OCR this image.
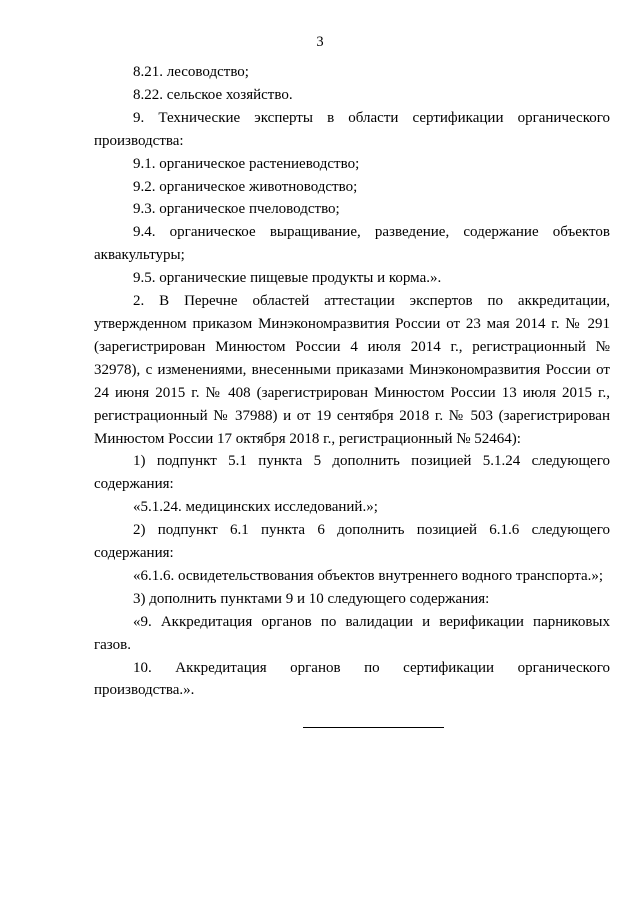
3

8.21. лесоводство;

8.22. сельское хозяйство.

9. Технические эксперты в области сертификации органического производства:

9.1. органическое растениеводство;

9.2. органическое животноводство;

9.3. органическое пчеловодство;

9.4. органическое выращивание, разведение, содержание объектов аквакультуры;

9.5. органические пищевые продукты и корма.».

2. В Перечне областей аттестации экспертов по аккредитации, утвержденном приказом Минэкономразвития России от 23 мая 2014 г. № 291 (зарегистрирован Минюстом России 4 июля 2014 г., регистрационный № 32978), с изменениями, внесенными приказами Минэкономразвития России от 24 июня 2015 г. № 408 (зарегистрирован Минюстом России 13 июля 2015 г., регистрационный № 37988) и от 19 сентября 2018 г. № 503 (зарегистрирован Минюстом России 17 октября 2018 г., регистрационный № 52464):

1) подпункт 5.1 пункта 5 дополнить позицией 5.1.24 следующего содержания:

«5.1.24. медицинских исследований.»;

2) подпункт 6.1 пункта 6 дополнить позицией 6.1.6 следующего содержания:

«6.1.6. освидетельствования объектов внутреннего водного транспорта.»;

3) дополнить пунктами 9 и 10 следующего содержания:

«9. Аккредитация органов по валидации и верификации парниковых газов.

10. Аккредитация органов по сертификации органического производства.».
